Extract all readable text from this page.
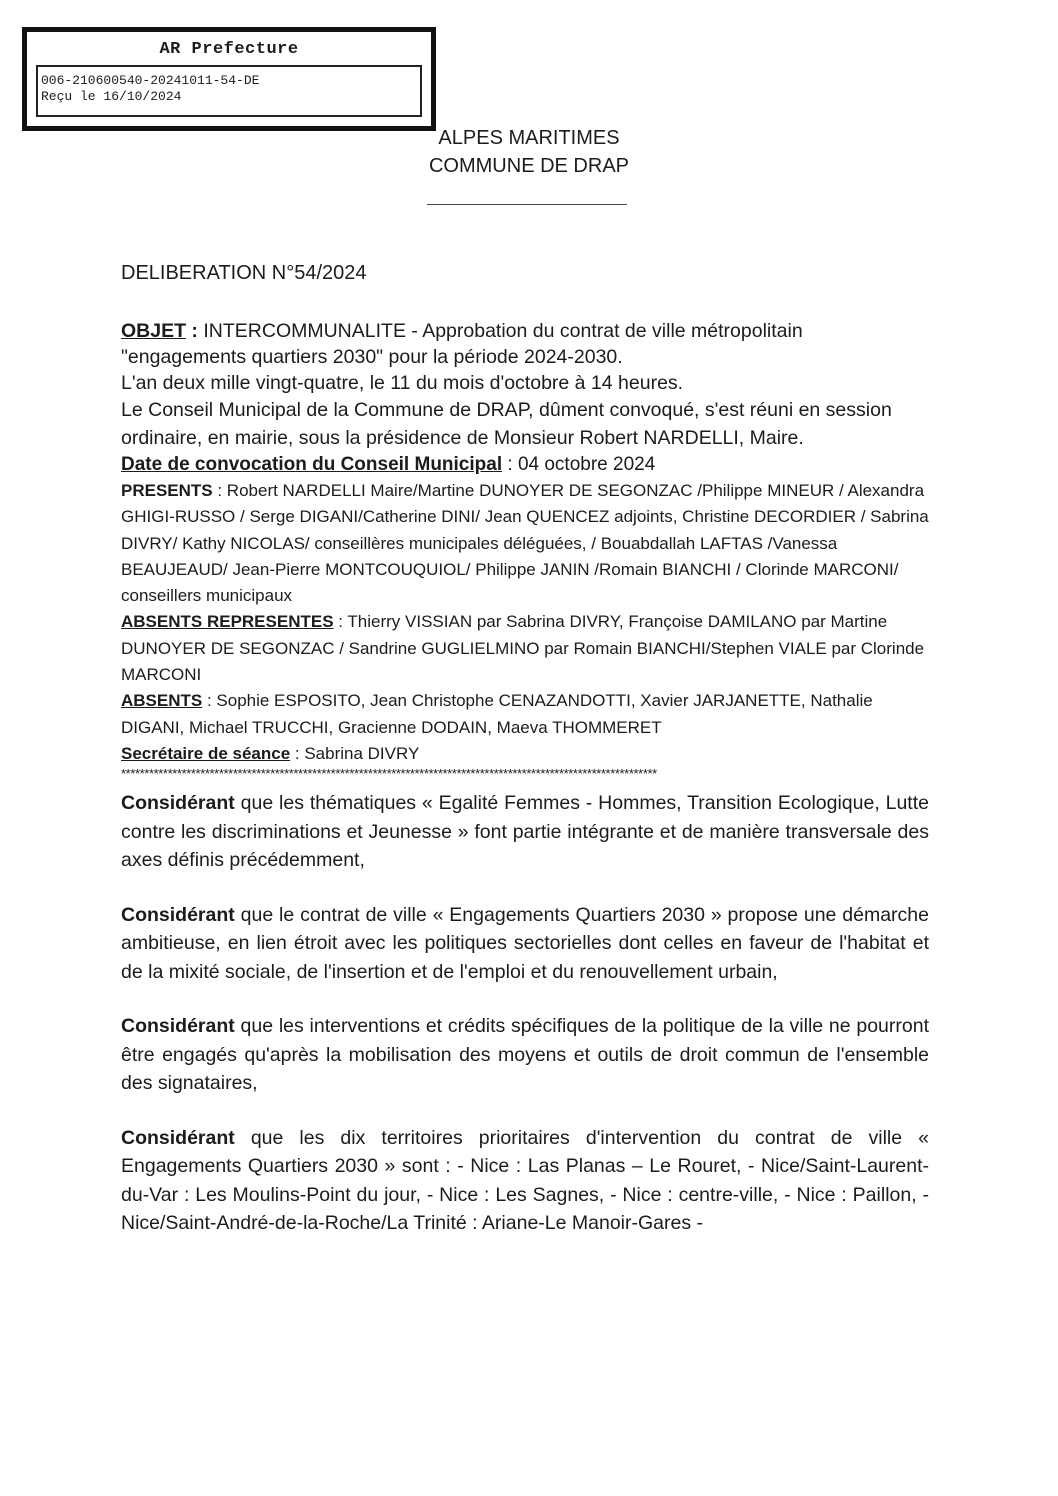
AR Prefecture
006-210600540-20241011-54-DE
Reçu le 16/10/2024
ALPES MARITIMES
COMMUNE DE DRAP
DELIBERATION N°54/2024

OBJET : INTERCOMMUNALITE - Approbation du contrat de ville métropolitain "engagements quartiers 2030" pour la période 2024-2030.

L'an deux mille vingt-quatre, le 11 du mois d'octobre à 14 heures.

Le Conseil Municipal de la Commune de DRAP, dûment convoqué, s'est réuni en session ordinaire, en mairie, sous la présidence de Monsieur Robert NARDELLI, Maire.

Date de convocation du Conseil Municipal : 04 octobre 2024

PRESENTS : Robert NARDELLI Maire/Martine DUNOYER DE SEGONZAC /Philippe MINEUR / Alexandra GHIGI-RUSSO / Serge DIGANI/Catherine DINI/ Jean QUENCEZ adjoints, Christine DECORDIER / Sabrina DIVRY/ Kathy NICOLAS/ conseillères municipales déléguées, / Bouabdallah LAFTAS /Vanessa BEAUJEAUD/ Jean-Pierre MONTCOUQUIOL/ Philippe JANIN /Romain BIANCHI / Clorinde MARCONI/ conseillers municipaux

ABSENTS REPRESENTES : Thierry VISSIAN par Sabrina DIVRY, Françoise DAMILANO par Martine DUNOYER DE SEGONZAC / Sandrine GUGLIELMINO par Romain BIANCHI/Stephen VIALE par Clorinde MARCONI

ABSENTS : Sophie ESPOSITO, Jean Christophe CENAZANDOTTI, Xavier JARJANETTE, Nathalie DIGANI, Michael TRUCCHI, Gracienne DODAIN, Maeva THOMMERET

Secrétaire de séance : Sabrina DIVRY

*******************************************************************************************************************

Considérant que les thématiques « Egalité Femmes - Hommes, Transition Ecologique, Lutte contre les discriminations et Jeunesse » font partie intégrante et de manière transversale des axes définis précédemment,

Considérant que le contrat de ville « Engagements Quartiers 2030 » propose une démarche ambitieuse, en lien étroit avec les politiques sectorielles dont celles en faveur de l'habitat et de la mixité sociale, de l'insertion et de l'emploi et du renouvellement urbain,

Considérant que les interventions et crédits spécifiques de la politique de la ville ne pourront être engagés qu'après la mobilisation des moyens et outils de droit commun de l'ensemble des signataires,

Considérant que les dix territoires prioritaires d'intervention du contrat de ville « Engagements Quartiers 2030 » sont : - Nice : Las Planas – Le Rouret, - Nice/Saint-Laurent-du-Var : Les Moulins-Point du jour, - Nice : Les Sagnes, - Nice : centre-ville, - Nice : Paillon, - Nice/Saint-André-de-la-Roche/La Trinité : Ariane-Le Manoir-Gares -
